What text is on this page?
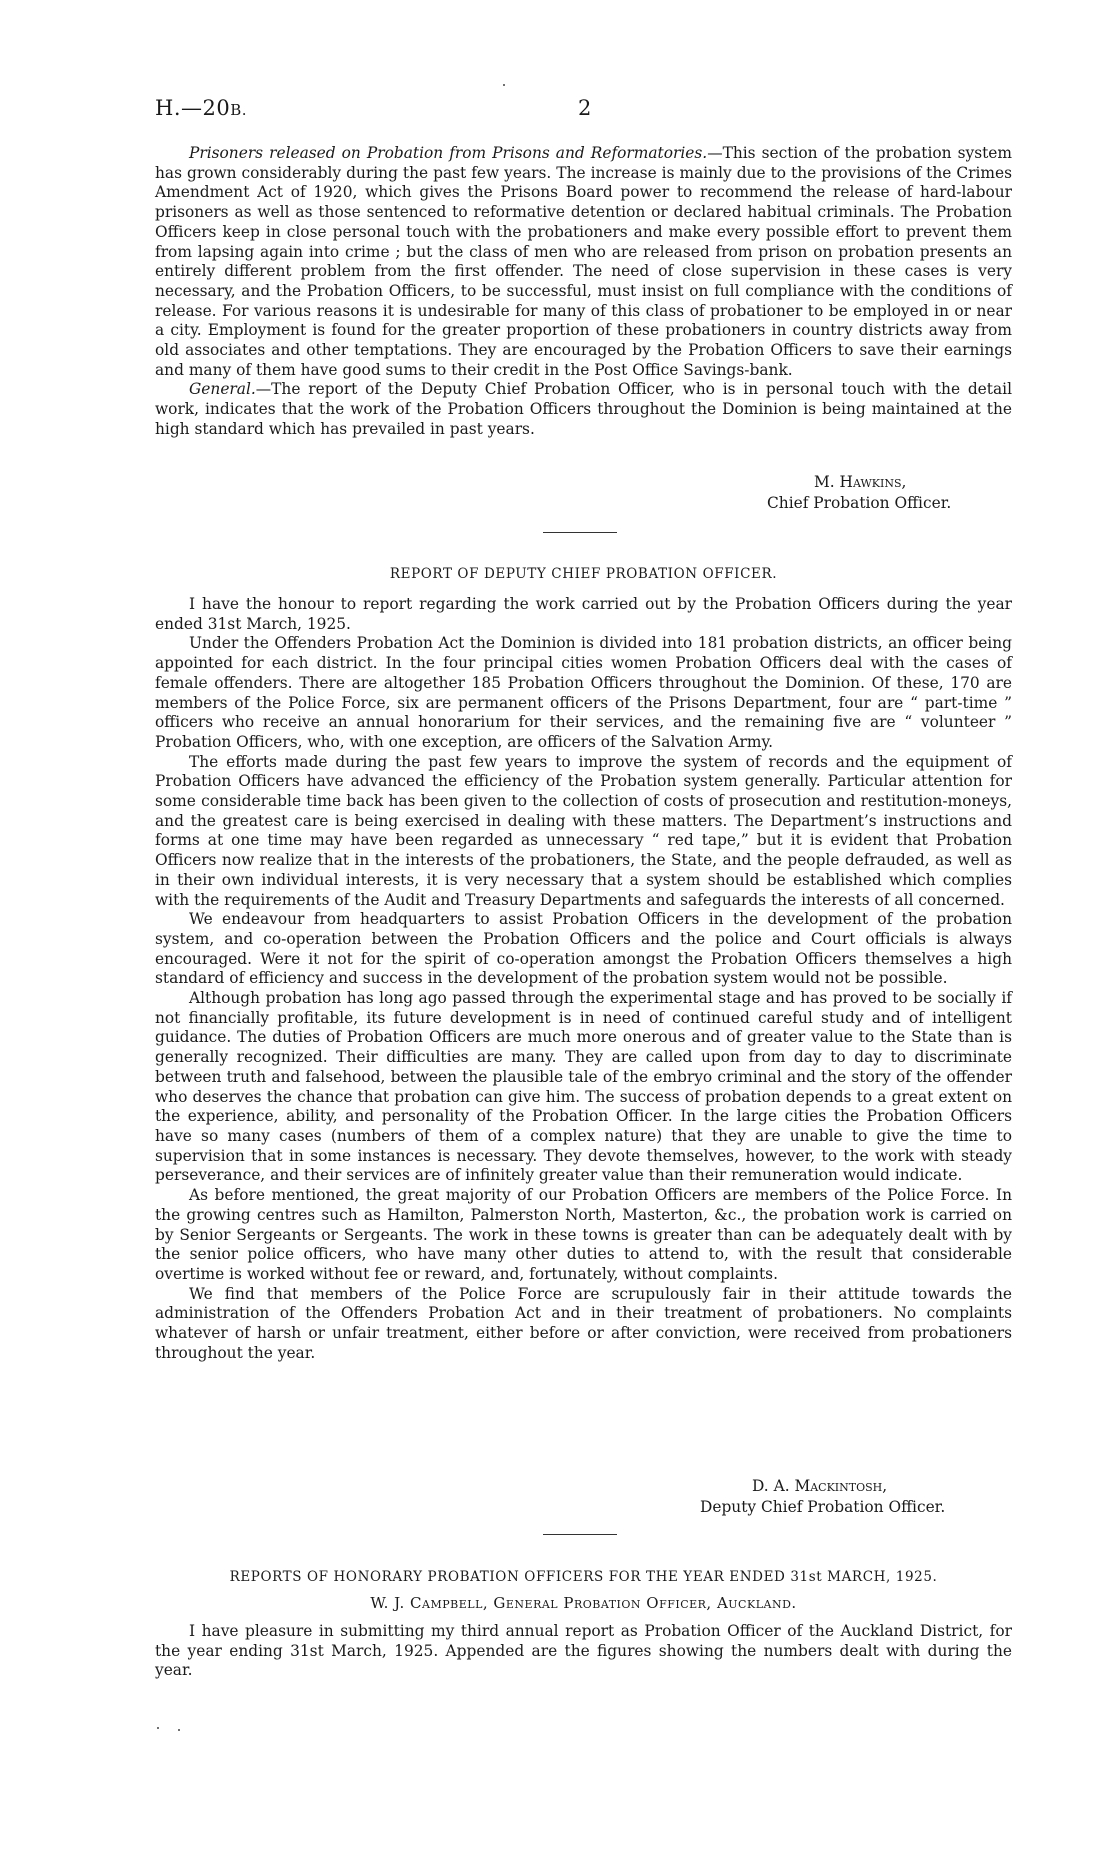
H.—20B.	2

Prisoners released on Probation from Prisons and Reformatories.—This section of the probation system has grown considerably during the past few years. The increase is mainly due to the provisions of the Crimes Amendment Act of 1920, which gives the Prisons Board power to recommend the release of hard-labour prisoners as well as those sentenced to reformative detention or declared habitual criminals. The Probation Officers keep in close personal touch with the probationers and make every possible effort to prevent them from lapsing again into crime ; but the class of men who are released from prison on probation presents an entirely different problem from the first offender. The need of close supervision in these cases is very necessary, and the Probation Officers, to be successful, must insist on full compliance with the conditions of release. For various reasons it is undesirable for many of this class of probationer to be employed in or near a city. Employment is found for the greater proportion of these probationers in country districts away from old associates and other temptations. They are encouraged by the Probation Officers to save their earnings and many of them have good sums to their credit in the Post Office Savings-bank.

General.—The report of the Deputy Chief Probation Officer, who is in personal touch with the detail work, indicates that the work of the Probation Officers throughout the Dominion is being maintained at the high standard which has prevailed in past years.

M. Hawkins,
Chief Probation Officer.
REPORT OF DEPUTY CHIEF PROBATION OFFICER.

I have the honour to report regarding the work carried out by the Probation Officers during the year ended 31st March, 1925.

Under the Offenders Probation Act the Dominion is divided into 181 probation districts, an officer being appointed for each district. In the four principal cities women Probation Officers deal with the cases of female offenders. There are altogether 185 Probation Officers throughout the Dominion. Of these, 170 are members of the Police Force, six are permanent officers of the Prisons Department, four are “ part-time ” officers who receive an annual honorarium for their services, and the remaining five are “ volunteer ” Probation Officers, who, with one exception, are officers of the Salvation Army.

The efforts made during the past few years to improve the system of records and the equipment of Probation Officers have advanced the efficiency of the Probation system generally. Particular attention for some considerable time back has been given to the collection of costs of prosecution and restitution-moneys, and the greatest care is being exercised in dealing with these matters. The Department’s instructions and forms at one time may have been regarded as unnecessary “ red tape,” but it is evident that Probation Officers now realize that in the interests of the probationers, the State, and the people defrauded, as well as in their own individual interests, it is very necessary that a system should be established which complies with the requirements of the Audit and Treasury Departments and safeguards the interests of all concerned.

We endeavour from headquarters to assist Probation Officers in the development of the probation system, and co-operation between the Probation Officers and the police and Court officials is always encouraged. Were it not for the spirit of co-operation amongst the Probation Officers themselves a high standard of efficiency and success in the development of the probation system would not be possible.

Although probation has long ago passed through the experimental stage and has proved to be socially if not financially profitable, its future development is in need of continued careful study and of intelligent guidance. The duties of Probation Officers are much more onerous and of greater value to the State than is generally recognized. Their difficulties are many. They are called upon from day to day to discriminate between truth and falsehood, between the plausible tale of the embryo criminal and the story of the offender who deserves the chance that probation can give him. The success of probation depends to a great extent on the experience, ability, and personality of the Probation Officer. In the large cities the Probation Officers have so many cases (numbers of them of a complex nature) that they are unable to give the time to supervision that in some instances is necessary. They devote themselves, however, to the work with steady perseverance, and their services are of infinitely greater value than their remuneration would indicate.

As before mentioned, the great majority of our Probation Officers are members of the Police Force. In the growing centres such as Hamilton, Palmerston North, Masterton, &c., the probation work is carried on by Senior Sergeants or Sergeants. The work in these towns is greater than can be adequately dealt with by the senior police officers, who have many other duties to attend to, with the result that considerable overtime is worked without fee or reward, and, fortunately, without complaints.

We find that members of the Police Force are scrupulously fair in their attitude towards the administration of the Offenders Probation Act and in their treatment of probationers. No complaints whatever of harsh or unfair treatment, either before or after conviction, were received from probationers throughout the year.

D. A. Mackintosh,
Deputy Chief Probation Officer.
REPORTS OF HONORARY PROBATION OFFICERS FOR THE YEAR ENDED 31st MARCH, 1925.
W. J. Campbell, General Probation Officer, Auckland.

I have pleasure in submitting my third annual report as Probation Officer of the Auckland District, for the year ending 31st March, 1925. Appended are the figures showing the numbers dealt with during the year.
